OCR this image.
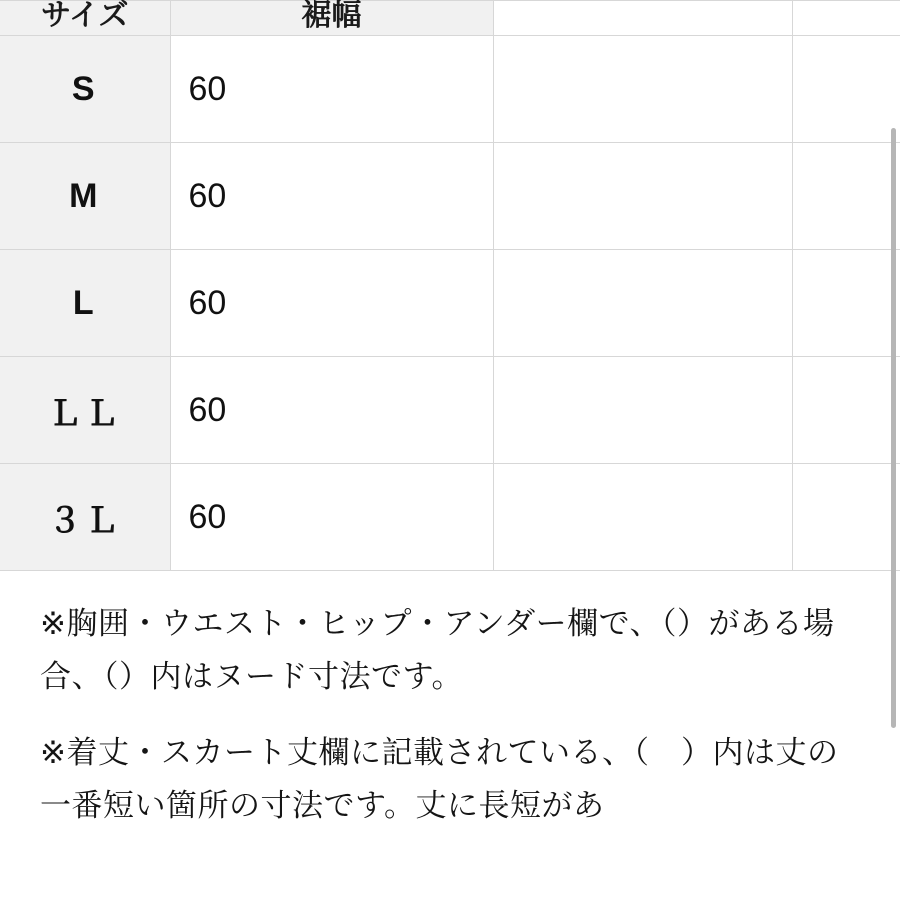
サイズ	裾幅		
S	60		
M	60		
L	60		
ＬＬ	60		
３Ｌ	60		

※胸囲・ウエスト・ヒップ・アンダー欄で、（）がある場合、（）内はヌード寸法です。

※着丈・スカート丈欄に記載されている、（　）内は丈の一番短い箇所の寸法です。丈に長短があ
